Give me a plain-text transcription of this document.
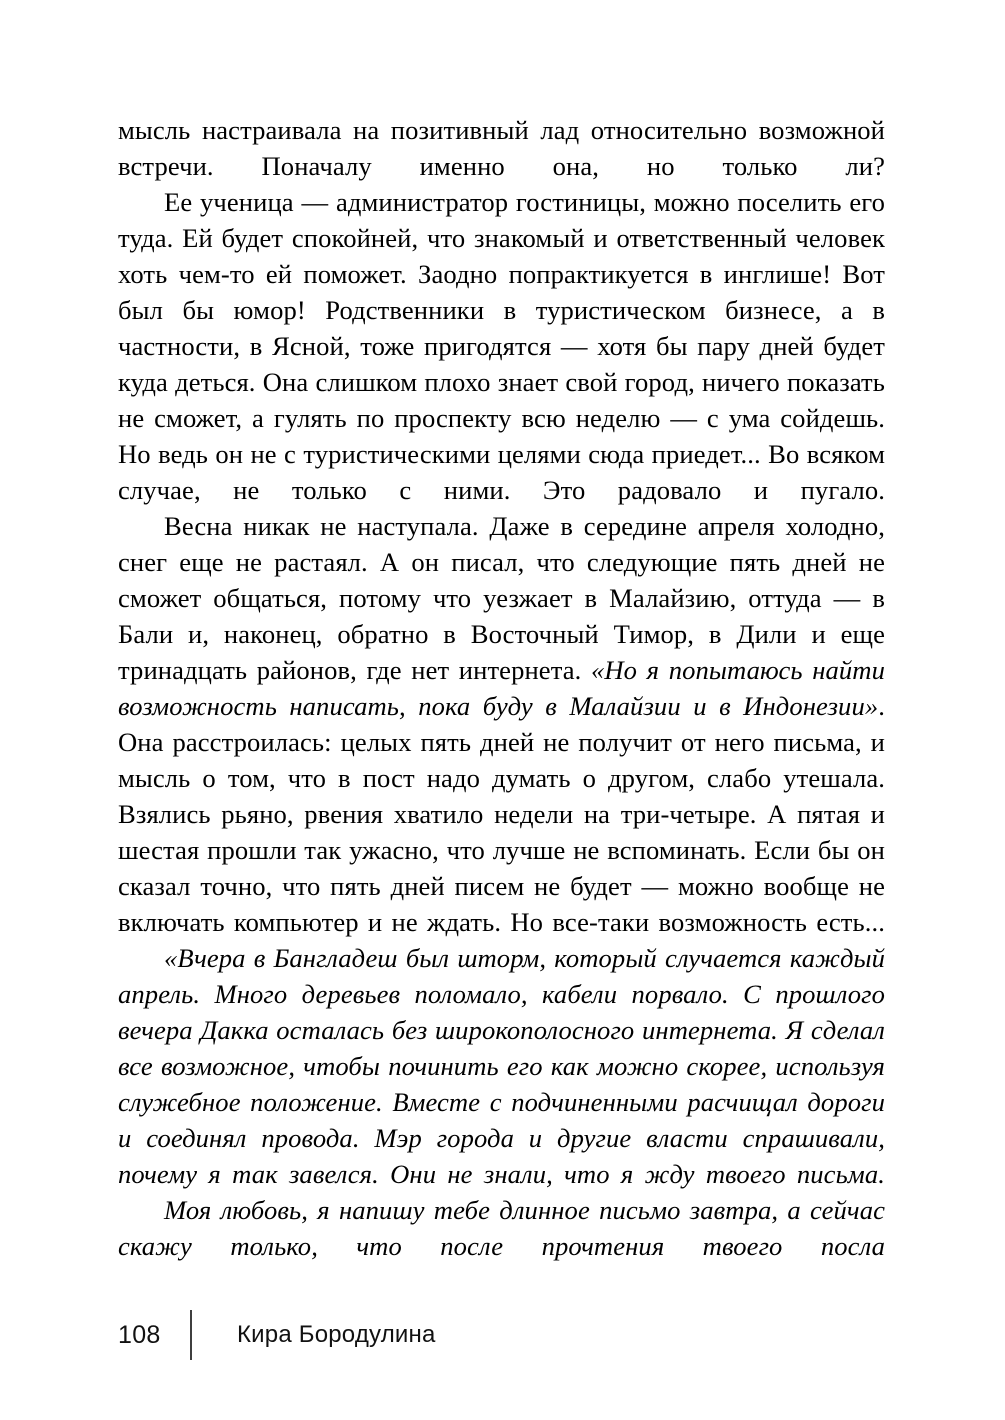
мысль настраивала на позитивный лад относительно возможной встречи. Поначалу именно она, но только ли?

Ее ученица — администратор гостиницы, можно поселить его туда. Ей будет спокойней, что знакомый и ответственный человек хоть чем-то ей поможет. Заодно попрактикуется в инглише! Вот был бы юмор! Родственники в туристическом бизнесе, а в частности, в Ясной, тоже пригодятся — хотя бы пару дней будет куда деться. Она слишком плохо знает свой город, ничего показать не сможет, а гулять по проспекту всю неделю — с ума сойдешь. Но ведь он не с туристическими целями сюда приедет... Во всяком случае, не только с ними. Это радовало и пугало.

Весна никак не наступала. Даже в середине апреля холодно, снег еще не растаял. А он писал, что следующие пять дней не сможет общаться, потому что уезжает в Малайзию, оттуда — в Бали и, наконец, обратно в Восточный Тимор, в Дили и еще тринадцать районов, где нет интернета. «Но я попытаюсь найти возможность написать, пока буду в Малайзии и в Индонезии». Она расстроилась: целых пять дней не получит от него письма, и мысль о том, что в пост надо думать о другом, слабо утешала. Взялись рьяно, рвения хватило недели на три-четыре. А пятая и шестая прошли так ужасно, что лучше не вспоминать. Если бы он сказал точно, что пять дней писем не будет — можно вообще не включать компьютер и не ждать. Но все-таки возможность есть...

«Вчера в Бангладеш был шторм, который случается каждый апрель. Много деревьев поломало, кабели порвало. С прошлого вечера Дакка осталась без широкополосного интернета. Я сделал все возможное, чтобы починить его как можно скорее, используя служебное положение. Вместе с подчиненными расчищал дороги и соединял провода. Мэр города и другие власти спрашивали, почему я так завелся. Они не знали, что я жду твоего письма.

Моя любовь, я напишу тебе длинное письмо завтра, а сейчас скажу только, что после прочтения твоего посла

108	Кира Бородулина
